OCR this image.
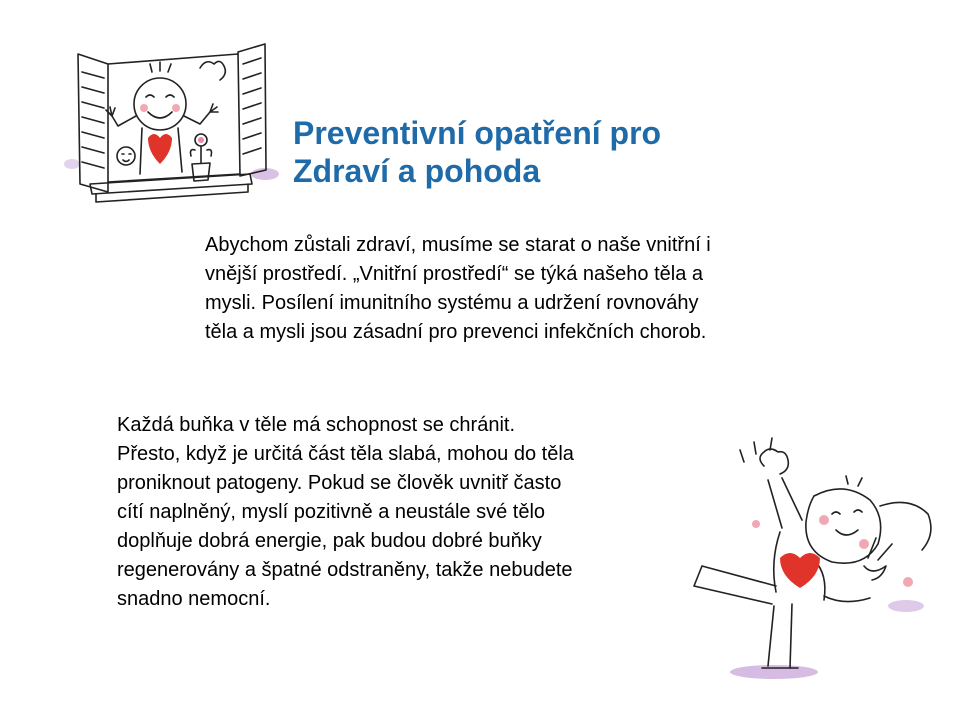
Preventivní opatření pro
Zdraví a pohoda
Abychom zůstali zdraví, musíme se starat o naše vnitřní i
vnější prostředí. „Vnitřní prostředí“ se týká našeho těla a
mysli. Posílení imunitního systému a udržení rovnováhy
těla a mysli jsou zásadní pro prevenci infekčních chorob.
Každá buňka v těle má schopnost se chránit.
Přesto, když je určitá část těla slabá, mohou do těla
proniknout patogeny. Pokud se člověk uvnitř často
cítí naplněný, myslí pozitivně a neustále své tělo
doplňuje dobrá energie, pak budou dobré buňky
regenerovány a špatné odstraněny, takže nebudete
snadno nemocní.
